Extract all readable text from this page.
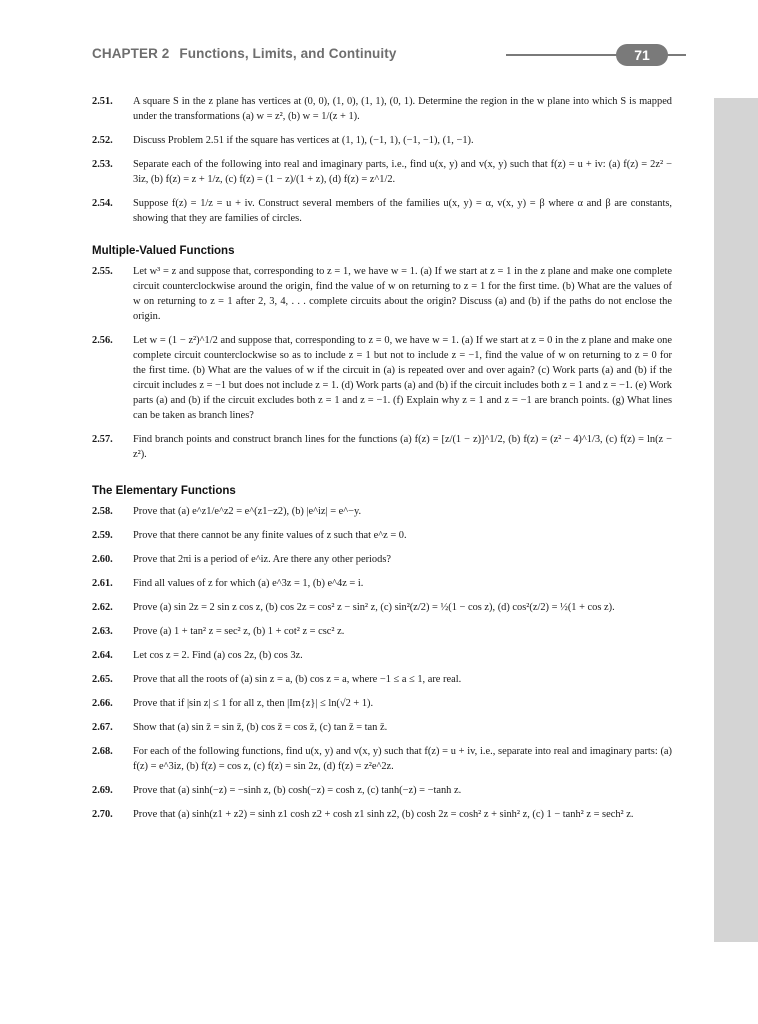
CHAPTER 2 Functions, Limits, and Continuity	71
2.51. A square S in the z plane has vertices at (0, 0), (1, 0), (1, 1), (0, 1). Determine the region in the w plane into which S is mapped under the transformations (a) w = z², (b) w = 1/(z + 1).
2.52. Discuss Problem 2.51 if the square has vertices at (1, 1), (−1, 1), (−1, −1), (1, −1).
2.53. Separate each of the following into real and imaginary parts, i.e., find u(x, y) and v(x, y) such that f(z) = u + iv: (a) f(z) = 2z² − 3iz, (b) f(z) = z + 1/z, (c) f(z) = (1 − z)/(1 + z), (d) f(z) = z^1/2.
2.54. Suppose f(z) = 1/z = u + iv. Construct several members of the families u(x, y) = α, v(x, y) = β where α and β are constants, showing that they are families of circles.
Multiple-Valued Functions
2.55. Let w³ = z and suppose that, corresponding to z = 1, we have w = 1. (a) If we start at z = 1 in the z plane and make one complete circuit counterclockwise around the origin, find the value of w on returning to z = 1 for the first time. (b) What are the values of w on returning to z = 1 after 2, 3, 4, . . . complete circuits about the origin? Discuss (a) and (b) if the paths do not enclose the origin.
2.56. Let w = (1 − z²)^1/2 and suppose that, corresponding to z = 0, we have w = 1. (a) If we start at z = 0 in the z plane and make one complete circuit counterclockwise so as to include z = 1 but not to include z = −1, find the value of w on returning to z = 0 for the first time. (b) What are the values of w if the circuit in (a) is repeated over and over again? (c) Work parts (a) and (b) if the circuit includes z = −1 but does not include z = 1. (d) Work parts (a) and (b) if the circuit includes both z = 1 and z = −1. (e) Work parts (a) and (b) if the circuit excludes both z = 1 and z = −1. (f) Explain why z = 1 and z = −1 are branch points. (g) What lines can be taken as branch lines?
2.57. Find branch points and construct branch lines for the functions (a) f(z) = [z/(1 − z)]^1/2, (b) f(z) = (z² − 4)^1/3, (c) f(z) = ln(z − z²).
The Elementary Functions
2.58. Prove that (a) e^z1/e^z2 = e^(z1−z2), (b) |e^iz| = e^−y.
2.59. Prove that there cannot be any finite values of z such that e^z = 0.
2.60. Prove that 2πi is a period of e^iz. Are there any other periods?
2.61. Find all values of z for which (a) e^3z = 1, (b) e^4z = i.
2.62. Prove (a) sin 2z = 2 sin z cos z, (b) cos 2z = cos² z − sin² z, (c) sin²(z/2) = ½(1 − cos z), (d) cos²(z/2) = ½(1 + cos z).
2.63. Prove (a) 1 + tan² z = sec² z, (b) 1 + cot² z = csc² z.
2.64. Let cos z = 2. Find (a) cos 2z, (b) cos 3z.
2.65. Prove that all the roots of (a) sin z = a, (b) cos z = a, where −1 ≤ a ≤ 1, are real.
2.66. Prove that if |sin z| ≤ 1 for all z, then |Im{z}| ≤ ln(√2 + 1).
2.67. Show that (a) sin z̄ = sin z̄, (b) cos z̄ = cos z̄, (c) tan z̄ = tan z̄.
2.68. For each of the following functions, find u(x, y) and v(x, y) such that f(z) = u + iv, i.e., separate into real and imaginary parts: (a) f(z) = e^3iz, (b) f(z) = cos z, (c) f(z) = sin 2z, (d) f(z) = z²e^2z.
2.69. Prove that (a) sinh(−z) = −sinh z, (b) cosh(−z) = cosh z, (c) tanh(−z) = −tanh z.
2.70. Prove that (a) sinh(z1 + z2) = sinh z1 cosh z2 + cosh z1 sinh z2, (b) cosh 2z = cosh² z + sinh² z, (c) 1 − tanh² z = sech² z.
